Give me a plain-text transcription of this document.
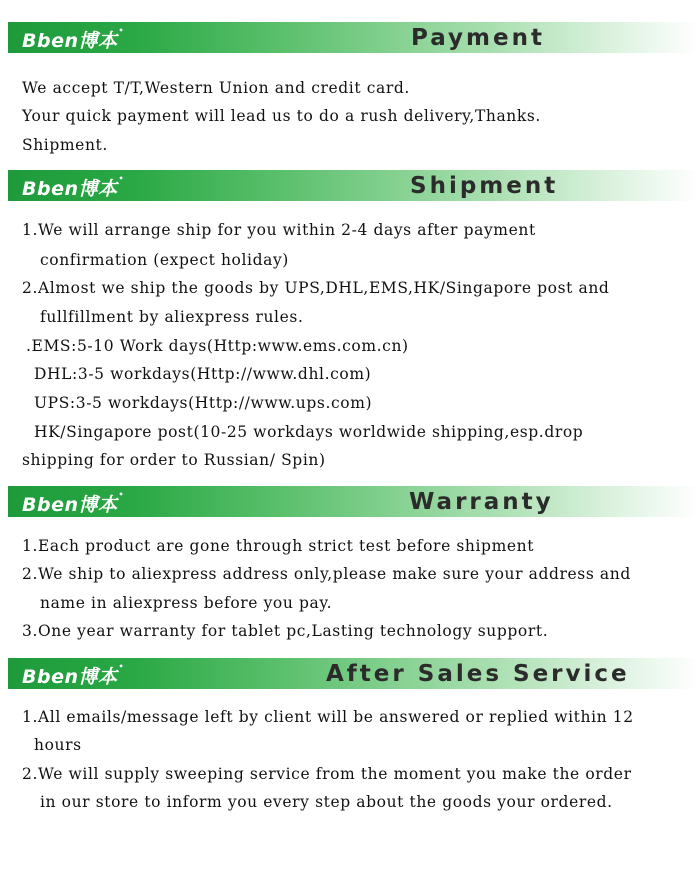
Bben博本•	Payment
We accept T/T,Western Union and credit card.
Your quick payment will lead us to do a rush delivery,Thanks.
Shipment.
Bben博本•	Shipment
1.We will arrange ship for you within 2-4 days after payment
confirmation (expect holiday)
2.Almost we ship the goods by UPS,DHL,EMS,HK/Singapore post and
fullfillment by aliexpress rules.
.EMS:5-10 Work days(Http:www.ems.com.cn)
DHL:3-5 workdays(Http://www.dhl.com)
UPS:3-5 workdays(Http://www.ups.com)
HK/Singapore post(10-25 workdays worldwide shipping,esp.drop
shipping for order to Russian/ Spin)
Bben博本•	Warranty
1.Each product are gone through strict test before shipment
2.We ship to aliexpress address only,please make sure your address and
name in aliexpress before you pay.
3.One year warranty for tablet pc,Lasting technology support.
Bben博本•	After Sales Service
1.All emails/message left by client will be answered or replied within 12
hours
2.We will supply sweeping service from the moment you make the order
in our store to inform you every step about the goods your ordered.
